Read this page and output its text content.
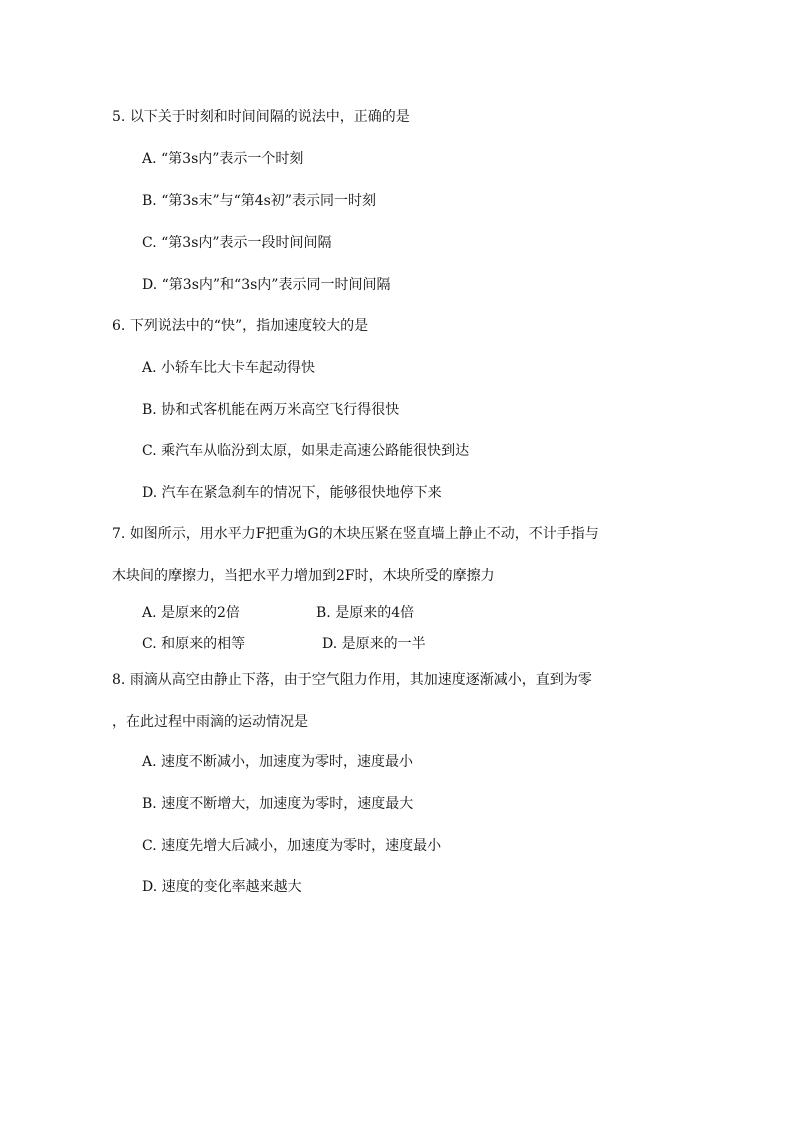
5. 以下关于时刻和时间间隔的说法中，正确的是
A. “第3s内”表示一个时刻
B. “第3s末”与“第4s初”表示同一时刻
C. “第3s内”表示一段时间间隔
D. “第3s内”和“3s内”表示同一时间间隔
6. 下列说法中的“快”，指加速度较大的是
A. 小轿车比大卡车起动得快
B. 协和式客机能在两万米高空飞行得很快
C. 乘汽车从临汾到太原，如果走高速公路能很快到达
D. 汽车在紧急刹车的情况下，能够很快地停下来
7. 如图所示，用水平力F把重为G的木块压紧在竖直墙上静止不动，不计手指与
木块间的摩擦力，当把水平力增加到2F时，木块所受的摩擦力
A. 是原来的2倍	B. 是原来的4倍
C. 和原来的相等	D. 是原来的一半
8. 雨滴从高空由静止下落，由于空气阻力作用，其加速度逐渐减小，直到为零
，在此过程中雨滴的运动情况是
A. 速度不断减小，加速度为零时，速度最小
B. 速度不断增大，加速度为零时，速度最大
C. 速度先增大后减小，加速度为零时，速度最小
D. 速度的变化率越来越大
